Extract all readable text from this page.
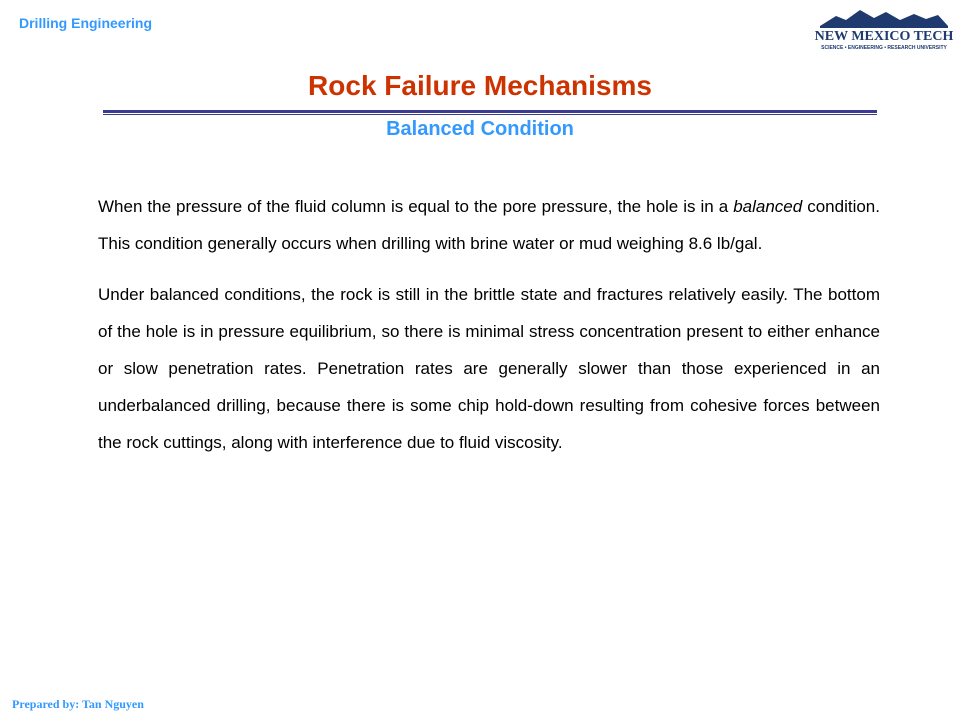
Drilling Engineering
NEW MEXICO TECH
SCIENCE • ENGINEERING • RESEARCH UNIVERSITY
Rock Failure Mechanisms
Balanced Condition

When the pressure of the fluid column is equal to the pore pressure, the hole is in a balanced condition. This condition generally occurs when drilling with brine water or mud weighing 8.6 lb/gal.

Under balanced conditions, the rock is still in the brittle state and fractures relatively easily. The bottom of the hole is in pressure equilibrium, so there is minimal stress concentration present to either enhance or slow penetration rates. Penetration rates are generally slower than those experienced in an underbalanced drilling, because there is some chip hold-down resulting from cohesive forces between the rock cuttings, along with interference due to fluid viscosity.

Prepared by: Tan Nguyen
